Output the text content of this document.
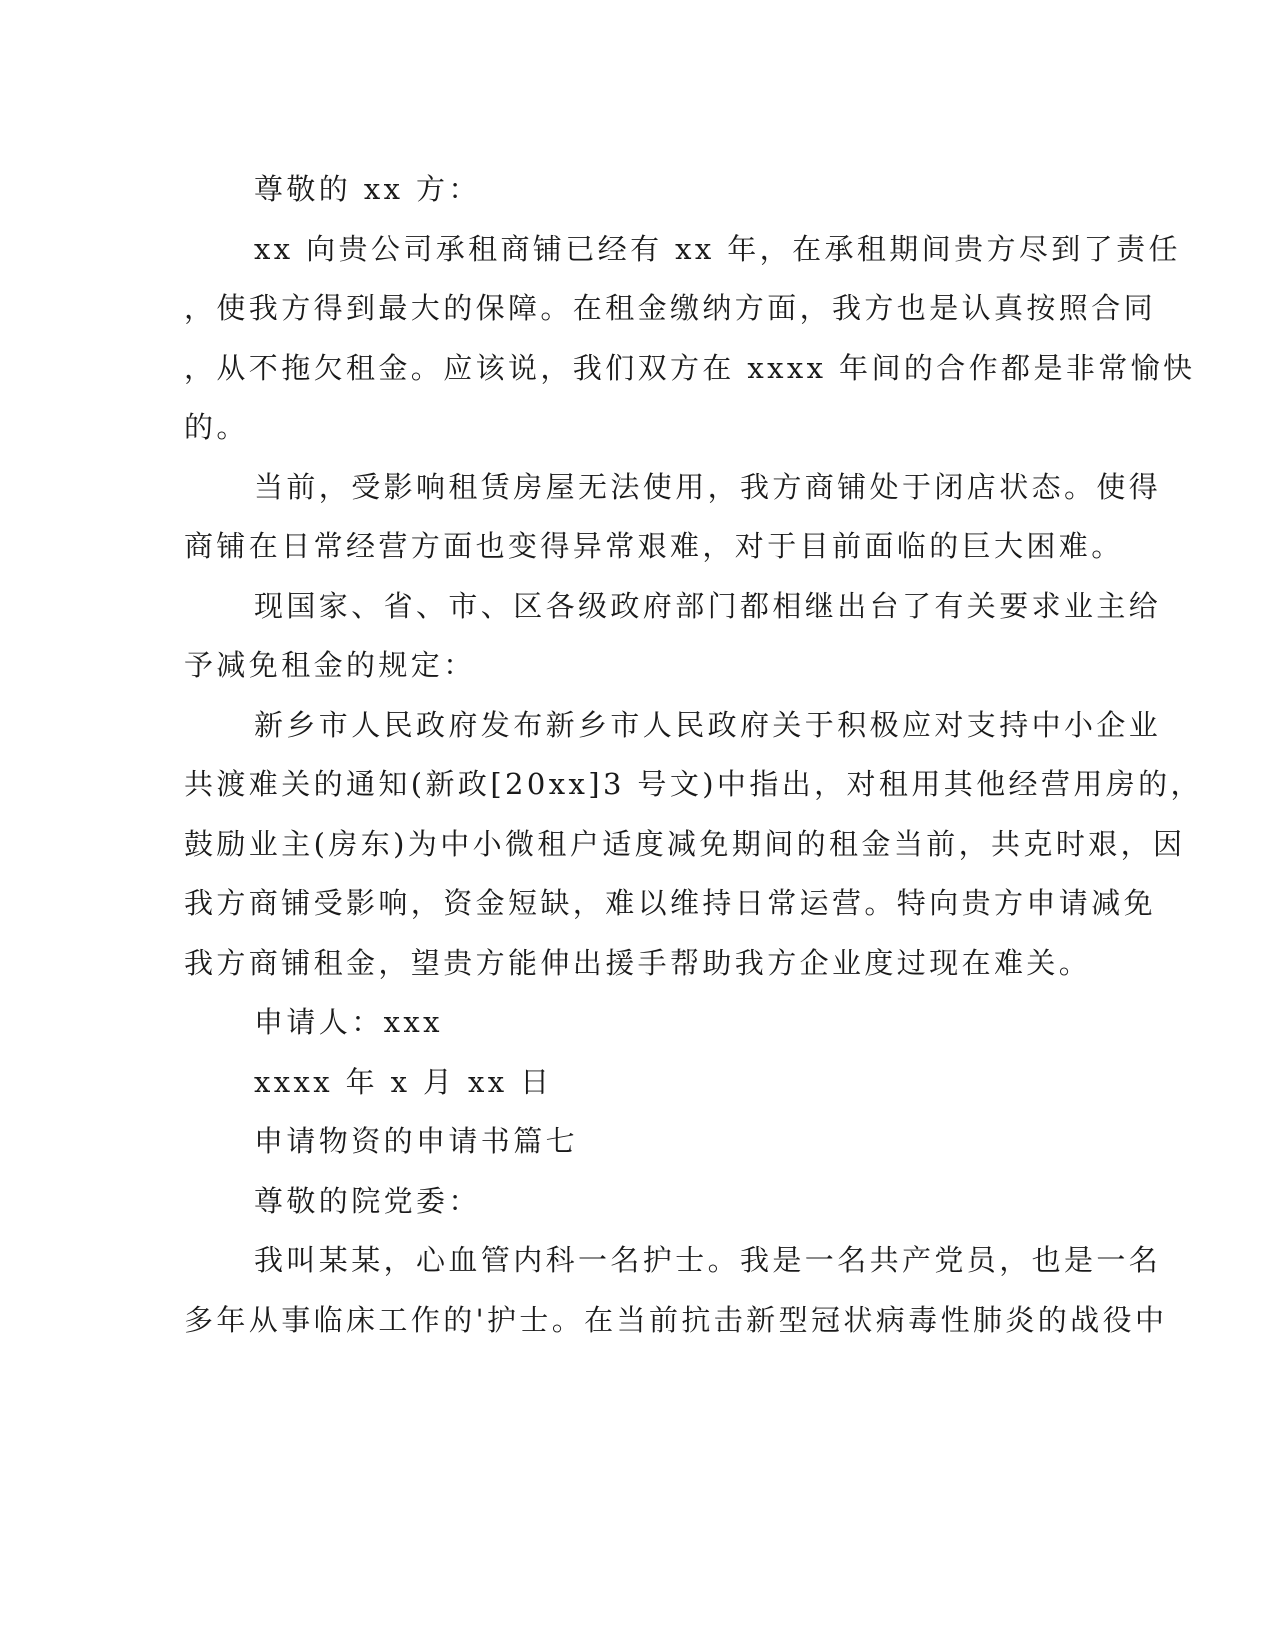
尊敬的 xx 方：

xx 向贵公司承租商铺已经有 xx 年，在承租期间贵方尽到了责任
，使我方得到最大的保障。在租金缴纳方面，我方也是认真按照合同
，从不拖欠租金。应该说，我们双方在 xxxx 年间的合作都是非常愉快
的。

当前，受影响租赁房屋无法使用，我方商铺处于闭店状态。使得
商铺在日常经营方面也变得异常艰难，对于目前面临的巨大困难。

现国家、省、市、区各级政府部门都相继出台了有关要求业主给
予减免租金的规定：

新乡市人民政府发布新乡市人民政府关于积极应对支持中小企业
共渡难关的通知(新政[20xx]3 号文)中指出，对租用其他经营用房的，
鼓励业主(房东)为中小微租户适度减免期间的租金当前，共克时艰，因
我方商铺受影响，资金短缺，难以维持日常运营。特向贵方申请减免
我方商铺租金，望贵方能伸出援手帮助我方企业度过现在难关。

申请人：xxx

xxxx 年 x 月 xx 日

申请物资的申请书篇七

尊敬的院党委：

我叫某某，心血管内科一名护士。我是一名共产党员，也是一名
多年从事临床工作的'护士。在当前抗击新型冠状病毒性肺炎的战役中
